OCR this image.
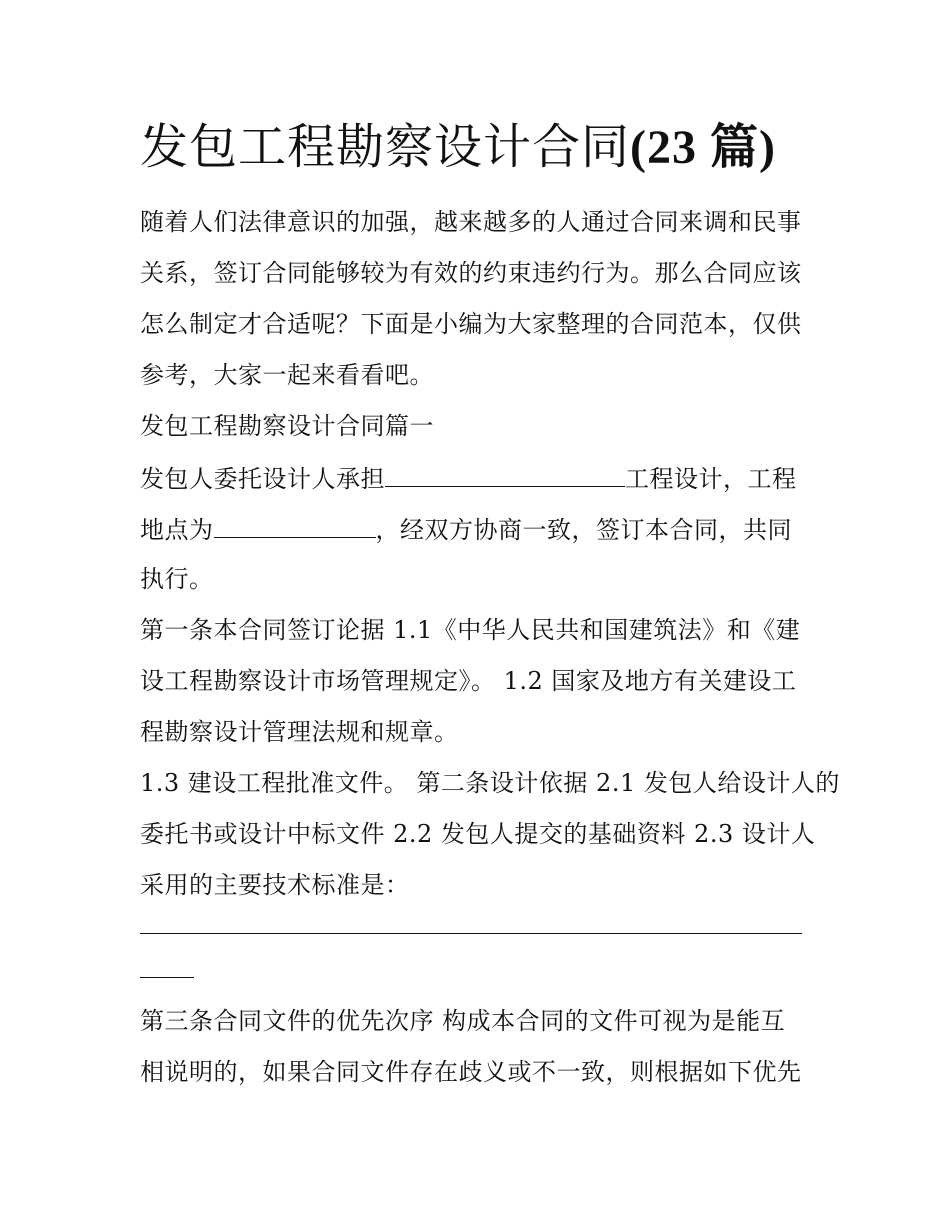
发包工程勘察设计合同(23 篇)

随着人们法律意识的加强，越来越多的人通过合同来调和民事

关系，签订合同能够较为有效的约束违约行为。那么合同应该

怎么制定才合适呢？下面是小编为大家整理的合同范本，仅供

参考，大家一起来看看吧。

发包工程勘察设计合同篇一

发包人委托设计人承担	工程设计，工程

地点为	，经双方协商一致，签订本合同，共同

执行。

第一条本合同签订论据 1.1《中华人民共和国建筑法》和《建

设工程勘察设计市场管理规定》。 1.2 国家及地方有关建设工

程勘察设计管理法规和规章。

1.3 建设工程批准文件。 第二条设计依据 2.1 发包人给设计人的

委托书或设计中标文件 2.2 发包人提交的基础资料 2.3 设计人

采用的主要技术标准是：

第三条合同文件的优先次序 构成本合同的文件可视为是能互

相说明的，如果合同文件存在歧义或不一致，则根据如下优先
